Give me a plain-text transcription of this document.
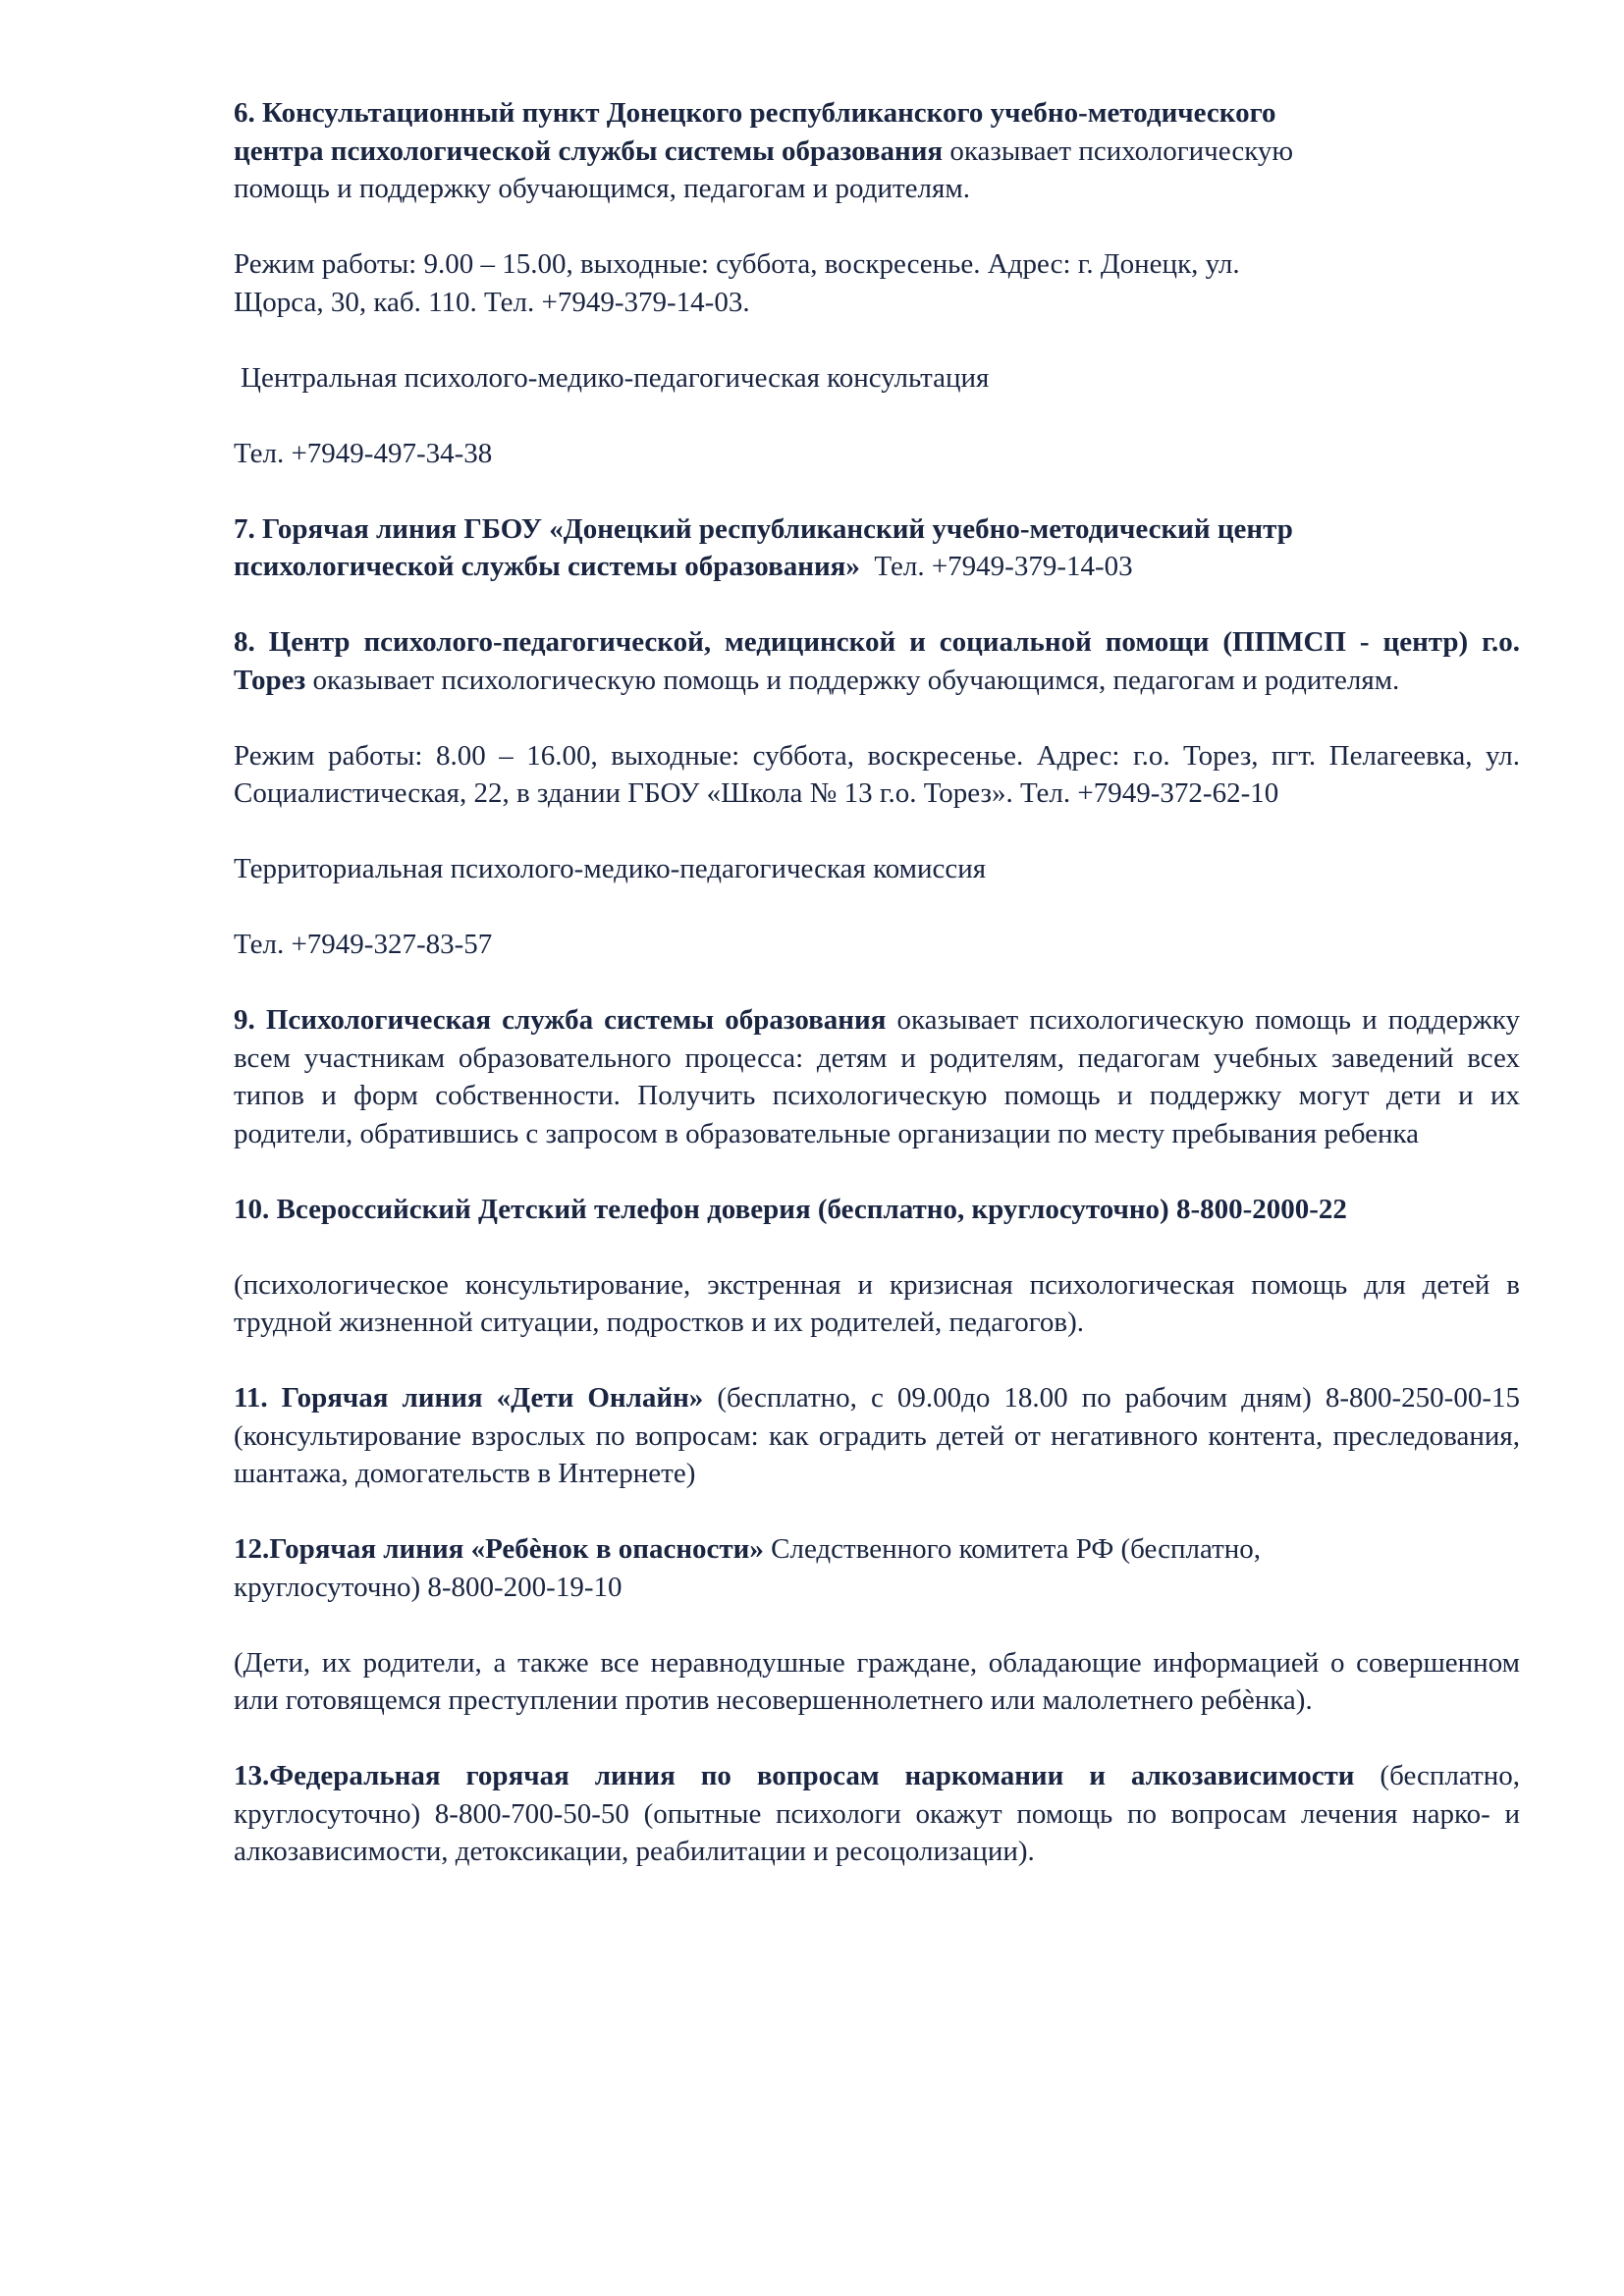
6. Консультационный пункт Донецкого республиканского учебно-методического
центра психологической службы системы образования оказывает психологическую
помощь и поддержку обучающимся, педагогам и родителям.

Режим работы: 9.00 – 15.00, выходные: суббота, воскресенье. Адрес: г. Донецк, ул.
Щорса, 30, каб. 110. Тел. +7949-379-14-03.

Центральная психолого-медико-педагогическая консультация

Тел. +7949-497-34-38

7. Горячая линия ГБОУ «Донецкий республиканский учебно-методический центр
психологической службы системы образования»  Тел. +7949-379-14-03

8. Центр психолого-педагогической, медицинской и социальной помощи (ППМСП - центр) г.о. Торез оказывает психологическую помощь и поддержку обучающимся, педагогам и родителям.

Режим работы: 8.00 – 16.00, выходные: суббота, воскресенье. Адрес: г.о. Торез, пгт. Пелагеевка, ул. Социалистическая, 22, в здании ГБОУ «Школа № 13 г.о. Торез». Тел. +7949-372-62-10

Территориальная психолого-медико-педагогическая комиссия

Тел. +7949-327-83-57

9. Психологическая служба системы образования оказывает психологическую помощь и поддержку всем участникам образовательного процесса: детям и родителям, педагогам учебных заведений всех типов и форм собственности. Получить психологическую помощь и поддержку могут дети и их родители, обратившись с запросом в образовательные организации по месту пребывания ребенка

10. Всероссийский Детский телефон доверия (бесплатно, круглосуточно) 8-800-2000-22

(психологическое консультирование, экстренная и кризисная психологическая помощь для детей в трудной жизненной ситуации, подростков и их родителей, педагогов).

11. Горячая линия «Дети Онлайн» (бесплатно, с 09.00до 18.00 по рабочим дням) 8-800-250-00-15 (консультирование взрослых по вопросам: как оградить детей от негативного контента, преследования, шантажа, домогательств в Интернете)

12.Горячая линия «Ребѐнок в опасности» Следственного комитета РФ (бесплатно,
круглосуточно) 8-800-200-19-10

(Дети, их родители, а также все неравнодушные граждане, обладающие информацией о совершенном или готовящемся преступлении против несовершеннолетнего или малолетнего ребѐнка).

13.Федеральная горячая линия по вопросам наркомании и алкозависимости (бесплатно, круглосуточно) 8-800-700-50-50 (опытные психологи окажут помощь по вопросам лечения нарко- и алкозависимости, детоксикации, реабилитации и ресоцолизации).
